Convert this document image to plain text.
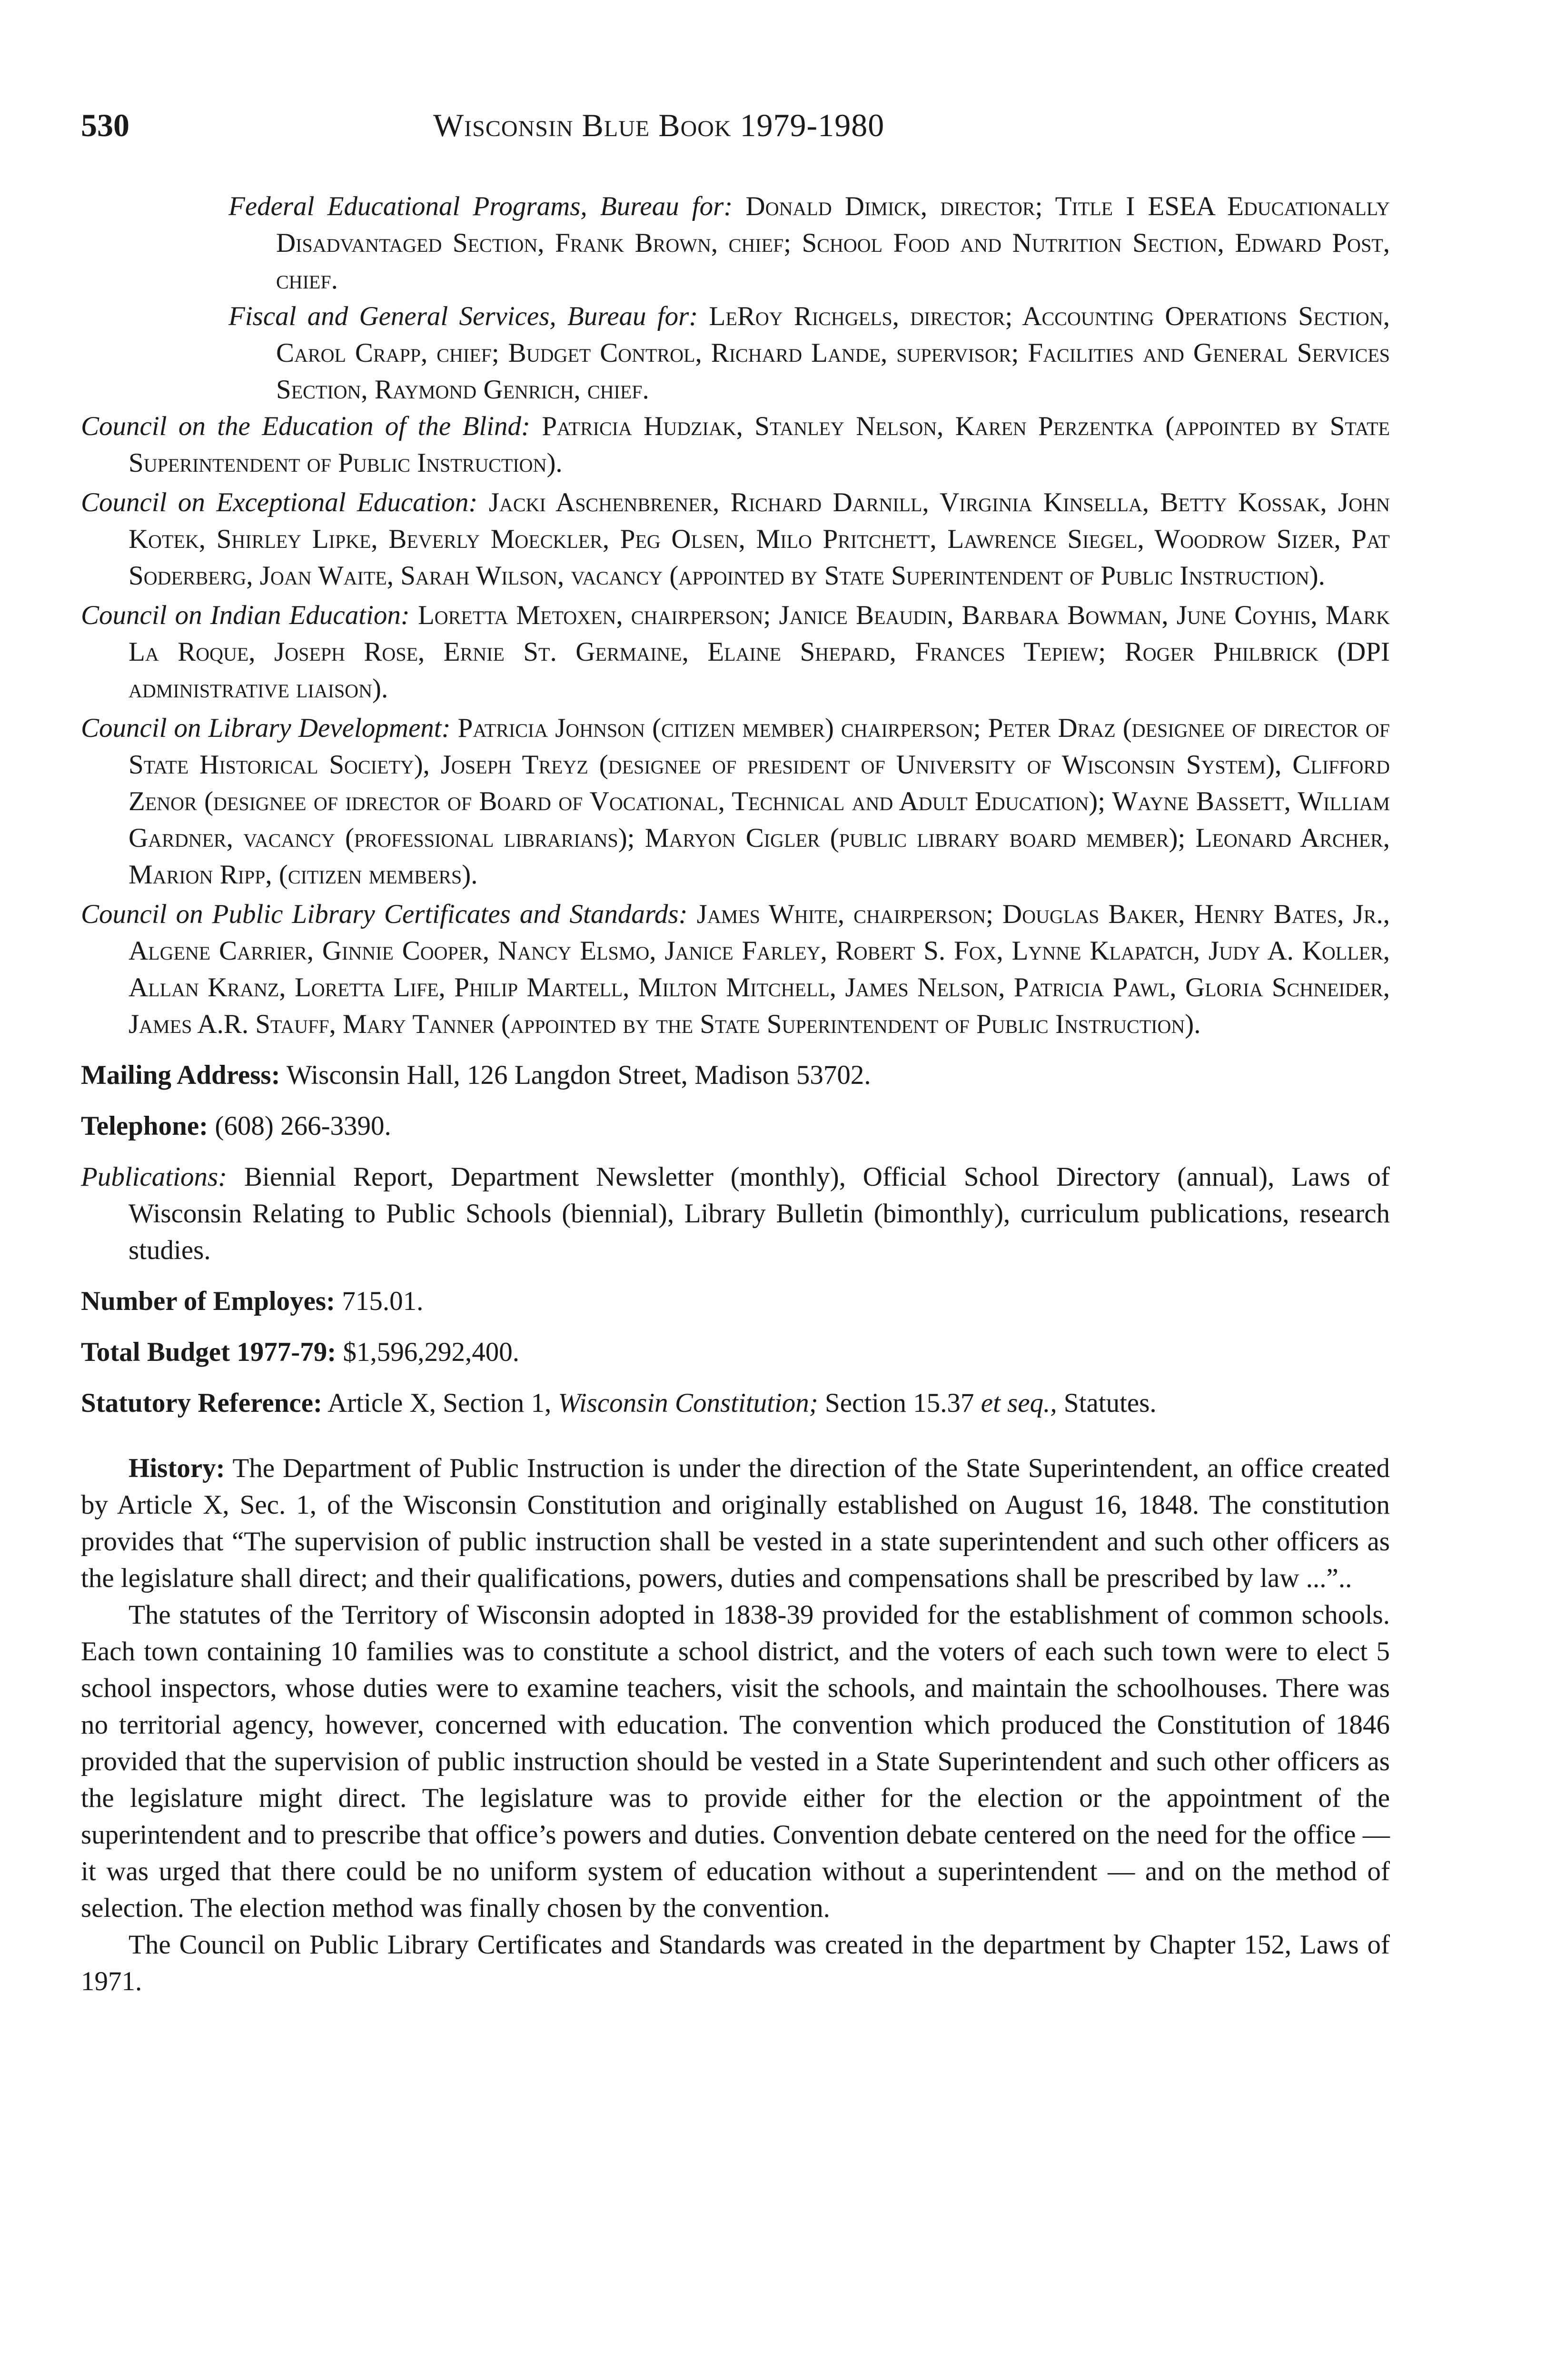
530	Wisconsin Blue Book 1979-1980

Federal Educational Programs, Bureau for: Donald Dimick, director; Title I ESEA Educationally Disadvantaged Section, Frank Brown, chief; School Food and Nutrition Section, Edward Post, chief.

Fiscal and General Services, Bureau for: LeRoy Richgels, director; Accounting Operations Section, Carol Crapp, chief; Budget Control, Richard Lande, supervisor; Facilities and General Services Section, Raymond Genrich, chief.

Council on the Education of the Blind: Patricia Hudziak, Stanley Nelson, Karen Perzentka (appointed by State Superintendent of Public Instruction).

Council on Exceptional Education: Jacki Aschenbrener, Richard Darnill, Virginia Kinsella, Betty Kossak, John Kotek, Shirley Lipke, Beverly Moeckler, Peg Olsen, Milo Pritchett, Lawrence Siegel, Woodrow Sizer, Pat Soderberg, Joan Waite, Sarah Wilson, vacancy (appointed by State Superintendent of Public Instruction).

Council on Indian Education: Loretta Metoxen, chairperson; Janice Beaudin, Barbara Bowman, June Coyhis, Mark La Roque, Joseph Rose, Ernie St. Germaine, Elaine Shepard, Frances Tepiew; Roger Philbrick (DPI administrative liaison).

Council on Library Development: Patricia Johnson (citizen member) chairperson; Peter Draz (designee of director of State Historical Society), Joseph Treyz (designee of president of University of Wisconsin System), Clifford Zenor (designee of idrector of Board of Vocational, Technical and Adult Education); Wayne Bassett, William Gardner, vacancy (professional librarians); Maryon Cigler (public library board member); Leonard Archer, Marion Ripp, (citizen members).

Council on Public Library Certificates and Standards: James White, chairperson; Douglas Baker, Henry Bates, Jr., Algene Carrier, Ginnie Cooper, Nancy Elsmo, Janice Farley, Robert S. Fox, Lynne Klapatch, Judy A. Koller, Allan Kranz, Loretta Life, Philip Martell, Milton Mitchell, James Nelson, Patricia Pawl, Gloria Schneider, James A.R. Stauff, Mary Tanner (appointed by the State Superintendent of Public Instruction).

Mailing Address: Wisconsin Hall, 126 Langdon Street, Madison 53702.

Telephone: (608) 266-3390.

Publications: Biennial Report, Department Newsletter (monthly), Official School Directory (annual), Laws of Wisconsin Relating to Public Schools (biennial), Library Bulletin (bimonthly), curriculum publications, research studies.

Number of Employes: 715.01.

Total Budget 1977-79: $1,596,292,400.

Statutory Reference: Article X, Section 1, Wisconsin Constitution; Section 15.37 et seq., Statutes.

History: The Department of Public Instruction is under the direction of the State Superintendent, an office created by Article X, Sec. 1, of the Wisconsin Constitution and originally established on August 16, 1848. The constitution provides that “The supervision of public instruction shall be vested in a state superintendent and such other officers as the legislature shall direct; and their qualifications, powers, duties and compensations shall be prescribed by law ...”..

The statutes of the Territory of Wisconsin adopted in 1838-39 provided for the establishment of common schools. Each town containing 10 families was to constitute a school district, and the voters of each such town were to elect 5 school inspectors, whose duties were to examine teachers, visit the schools, and maintain the schoolhouses. There was no territorial agency, however, concerned with education. The convention which produced the Constitution of 1846 provided that the supervision of public instruction should be vested in a State Superintendent and such other officers as the legislature might direct. The legislature was to provide either for the election or the appointment of the superintendent and to prescribe that office’s powers and duties. Convention debate centered on the need for the office — it was urged that there could be no uniform system of education without a superintendent — and on the method of selection. The election method was finally chosen by the convention.

The Council on Public Library Certificates and Standards was created in the department by Chapter 152, Laws of 1971.
